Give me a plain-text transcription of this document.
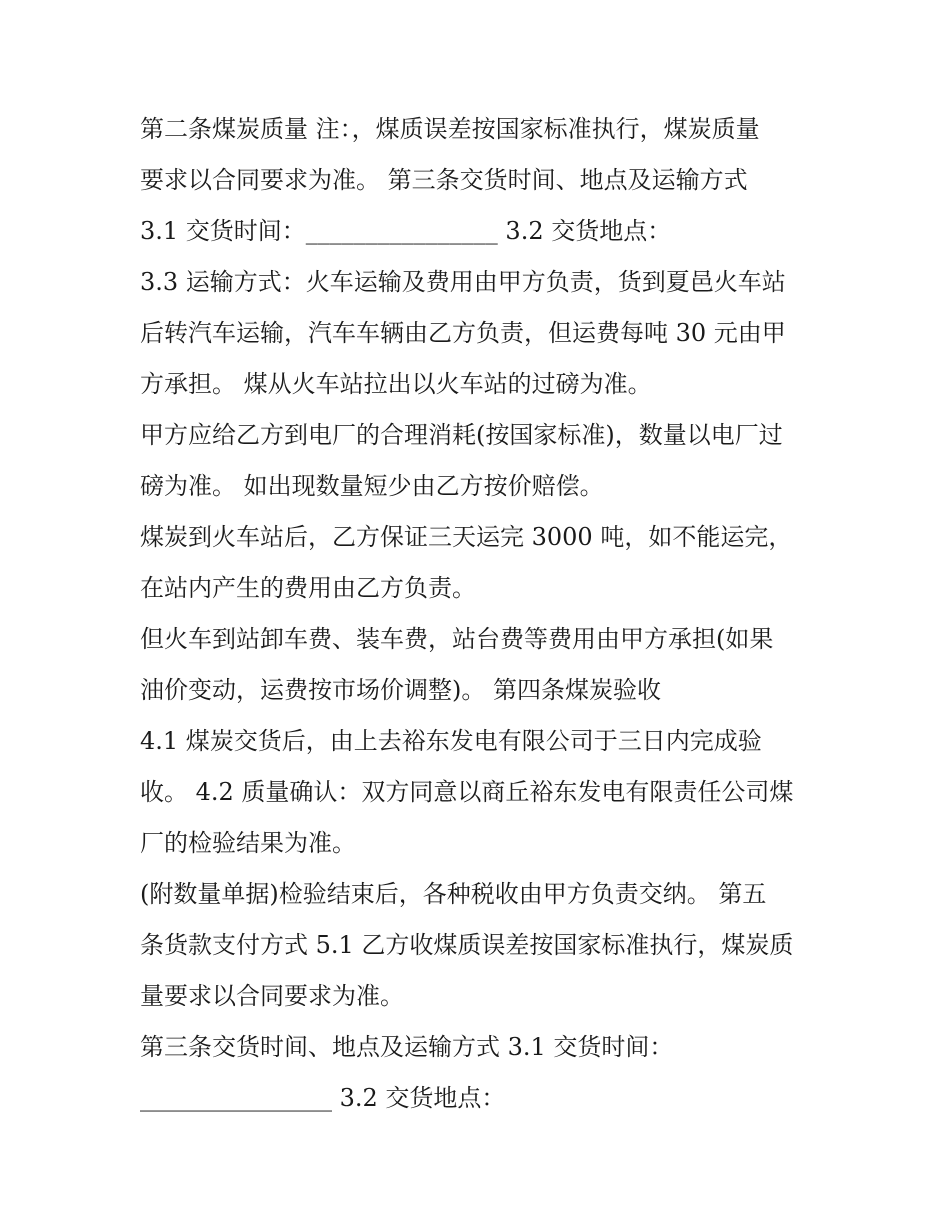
第二条煤炭质量 注：，煤质误差按国家标准执行，煤炭质量
要求以合同要求为准。 第三条交货时间、地点及运输方式
3.1 交货时间：________________ 3.2 交货地点：
3.3 运输方式：火车运输及费用由甲方负责，货到夏邑火车站
后转汽车运输，汽车车辆由乙方负责，但运费每吨 30 元由甲
方承担。 煤从火车站拉出以火车站的过磅为准。
甲方应给乙方到电厂的合理消耗(按国家标准)，数量以电厂过
磅为准。 如出现数量短少由乙方按价赔偿。
煤炭到火车站后，乙方保证三天运完 3000 吨，如不能运完，
在站内产生的费用由乙方负责。
但火车到站卸车费、装车费，站台费等费用由甲方承担(如果
油价变动，运费按市场价调整)。 第四条煤炭验收
4.1 煤炭交货后，由上去裕东发电有限公司于三日内完成验
收。 4.2 质量确认：双方同意以商丘裕东发电有限责任公司煤
厂的检验结果为准。
(附数量单据)检验结束后，各种税收由甲方负责交纳。 第五
条货款支付方式 5.1 乙方收煤质误差按国家标准执行，煤炭质
量要求以合同要求为准。
第三条交货时间、地点及运输方式 3.1 交货时间：
________________ 3.2 交货地点：
